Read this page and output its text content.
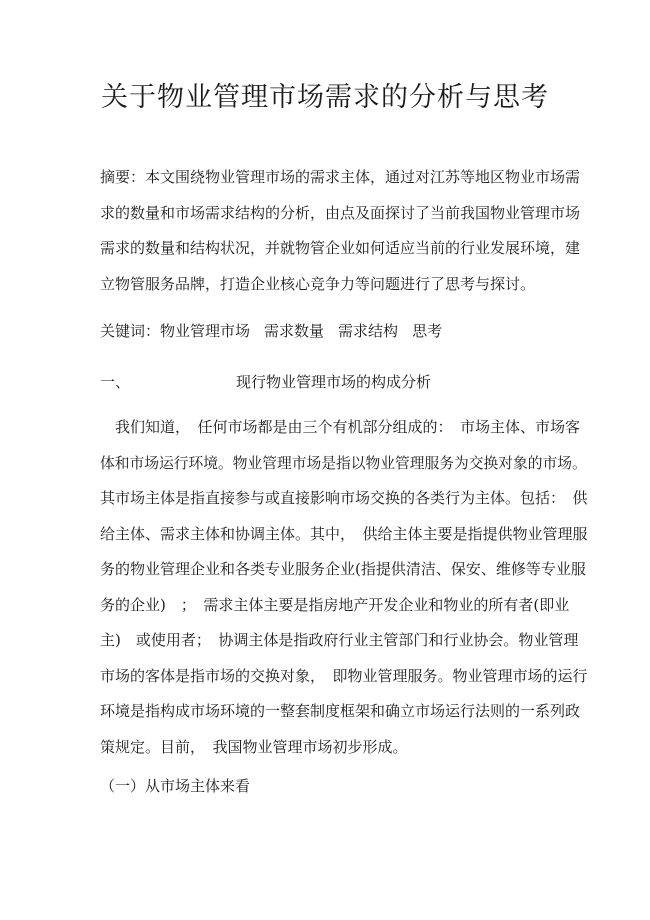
关于物业管理市场需求的分析与思考
摘要：本文围绕物业管理市场的需求主体，通过对江苏等地区物业市场需
求的数量和市场需求结构的分析，由点及面探讨了当前我国物业管理市场
需求的数量和结构状况，并就物管企业如何适应当前的行业发展环境，建
立物管服务品牌，打造企业核心竞争力等问题进行了思考与探讨。
关键词：物业管理市场 需求数量 需求结构 思考
一、	现行物业管理市场的构成分析
　我们知道，　任何市场都是由三个有机部分组成的：　市场主体、市场客
体和市场运行环境。物业管理市场是指以物业管理服务为交换对象的市场。
其市场主体是指直接参与或直接影响市场交换的各类行为主体。包括：　供
给主体、需求主体和协调主体。其中，　供给主体主要是指提供物业管理服
务的物业管理企业和各类专业服务企业(指提供清洁、保安、维修等专业服
务的企业)　；　需求主体主要是指房地产开发企业和物业的所有者(即业
主)　或使用者；　协调主体是指政府行业主管部门和行业协会。物业管理
市场的客体是指市场的交换对象，　即物业管理服务。物业管理市场的运行
环境是指构成市场环境的一整套制度框架和确立市场运行法则的一系列政
策规定。目前，　我国物业管理市场初步形成。
（一）从市场主体来看
